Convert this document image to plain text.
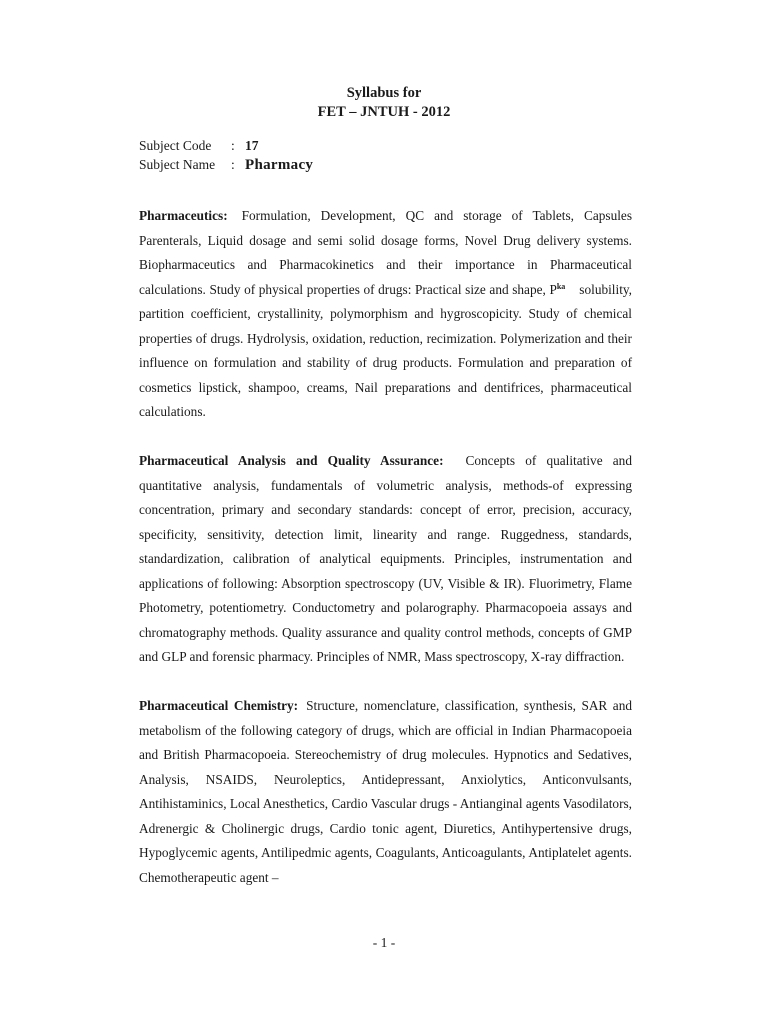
Syllabus for
FET – JNTUH - 2012
Subject Code	: 17
Subject Name	: Pharmacy

Pharmaceutics: Formulation, Development, QC and storage of Tablets, Capsules Parenterals, Liquid dosage and semi solid dosage forms, Novel Drug delivery systems. Biopharmaceutics and Pharmacokinetics and their importance in Pharmaceutical calculations. Study of physical properties of drugs: Practical size and shape, $P^{ka}$ solubility, partition coefficient, crystallinity, polymorphism and hygroscopicity. Study of chemical properties of drugs. Hydrolysis, oxidation, reduction, recimization. Polymerization and their influence on formulation and stability of drug products. Formulation and preparation of cosmetics lipstick, shampoo, creams, Nail preparations and dentifrices, pharmaceutical calculations.

Pharmaceutical Analysis and Quality Assurance: Concepts of qualitative and quantitative analysis, fundamentals of volumetric analysis, methods-of expressing concentration, primary and secondary standards: concept of error, precision, accuracy, specificity, sensitivity, detection limit, linearity and range. Ruggedness, standards, standardization, calibration of analytical equipments. Principles, instrumentation and applications of following: Absorption spectroscopy (UV, Visible & IR). Fluorimetry, Flame Photometry, potentiometry. Conductometry and polarography. Pharmacopoeia assays and chromatography methods. Quality assurance and quality control methods, concepts of GMP and GLP and forensic pharmacy. Principles of NMR, Mass spectroscopy, X-ray diffraction.

Pharmaceutical Chemistry: Structure, nomenclature, classification, synthesis, SAR and metabolism of the following category of drugs, which are official in Indian Pharmacopoeia and British Pharmacopoeia. Stereochemistry of drug molecules. Hypnotics and Sedatives, Analysis, NSAIDS, Neuroleptics, Antidepressant, Anxiolytics, Anticonvulsants, Antihistaminics, Local Anesthetics, Cardio Vascular drugs - Antianginal agents Vasodilators, Adrenergic & Cholinergic drugs, Cardio tonic agent, Diuretics, Antihypertensive drugs, Hypoglycemic agents, Antilipedmic agents, Coagulants, Anticoagulants, Antiplatelet agents. Chemotherapeutic agent –

- 1 -
